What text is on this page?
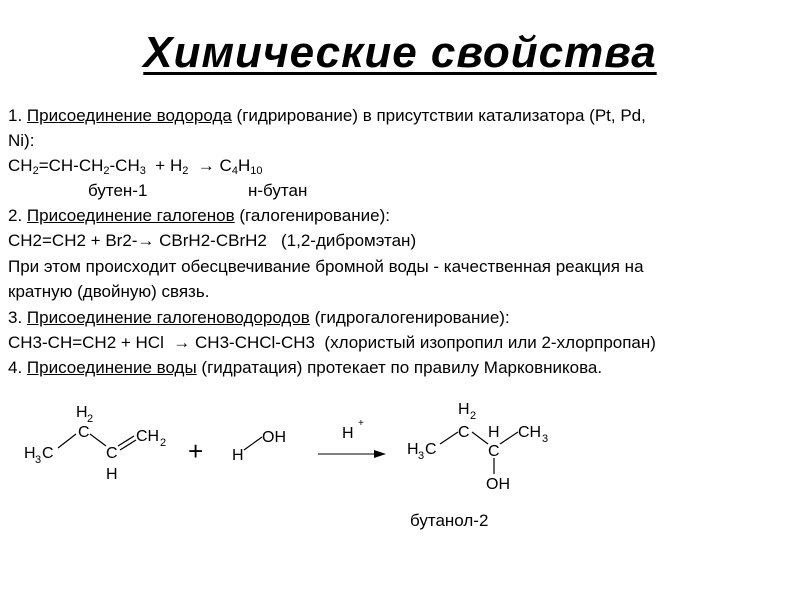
Химические свойства
1. Присоединение водорода (гидрирование) в присутствии катализатора (Pt, Pd,
Ni):
$CH_2=CH-CH_2-CH_3 + H_2 \to C_4H_{10}$
бутен-1	н-бутан
2. Присоединение галогенов (галогенирование):
CH2=CH2 + Br2-→ CBrH2-CBrH2   (1,2-дибромэтан)
При этом происходит обесцвечивание бромной воды - качественная реакция на
кратную (двойную) связь.
3. Присоединение галогеноводородов (гидрогалогенирование):
CH3-CH=CH2 + HCl  → CH3-CHCl-CH3  (хлористый изопропил или 2-хлорпропан)
4. Присоединение воды (гидратация) протекает по правилу Марковникова.
H 2
C	CH 2
H 3 C	C
H
+	OH
H
H
+
H 2
C H CH 3
H 3 C	C
OH
бутанол-2
